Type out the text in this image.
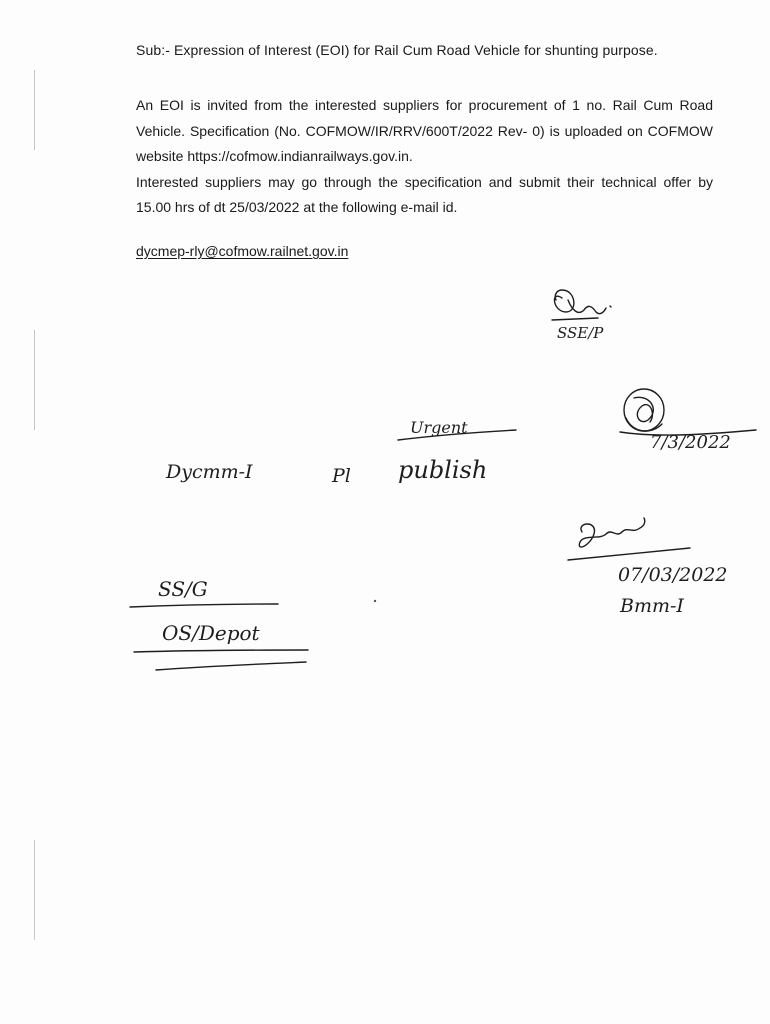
Sub:- Expression of Interest (EOI) for Rail Cum Road Vehicle for shunting purpose.

An EOI is invited from the interested suppliers for procurement of 1 no. Rail Cum Road Vehicle. Specification (No. COFMOW/IR/RRV/600T/2022 Rev- 0) is uploaded on COFMOW website https://cofmow.indianrailways.gov.in.

Interested suppliers may go through the specification and submit their technical offer by 15.00 hrs of dt 25/03/2022 at the following e-mail id.

dycmep-rly@cofmow.railnet.gov.in
SSE/P
7/3/2022
Urgent
Dycmm-I	Pl publish
07/03/2022
Bmm-I
SS/G
OS/Depot
